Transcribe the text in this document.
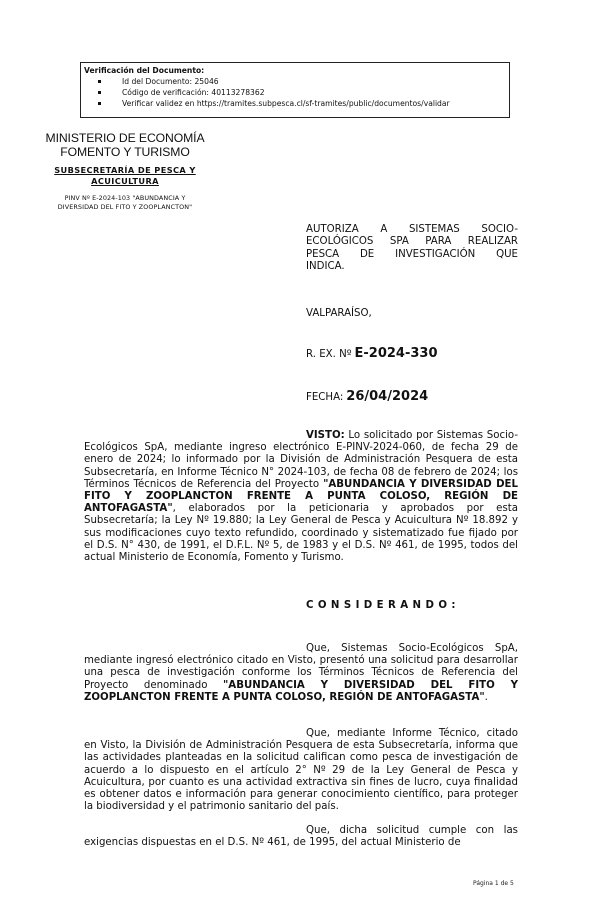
Verificación del Documento:
Id del Documento: 25046
Código de verificación: 40113278362
Verificar validez en https://tramites.subpesca.cl/sf-tramites/public/documentos/validar
MINISTERIO DE ECONOMÍA
FOMENTO Y TURISMO
SUBSECRETARÍA DE PESCA Y
ACUICULTURA
PINV Nº E-2024-103 "ABUNDANCIA Y
DIVERSIDAD DEL FITO Y ZOOPLANCTON"
AUTORIZA A SISTEMAS SOCIO-
ECOLÓGICOS SPA PARA REALIZAR
PESCA DE INVESTIGACIÓN QUE
INDICA.
VALPARAÍSO,
R. EX. Nº E-2024-330
FECHA: 26/04/2024

VISTO: Lo solicitado por Sistemas Socio-Ecológicos SpA, mediante ingreso electrónico E-PINV-2024-060, de fecha 29 de enero de 2024; lo informado por la División de Administración Pesquera de esta Subsecretaría, en Informe Técnico N° 2024-103, de fecha 08 de febrero de 2024; los Términos Técnicos de Referencia del Proyecto "ABUNDANCIA Y DIVERSIDAD DEL FITO Y ZOOPLANCTON FRENTE A PUNTA COLOSO, REGIÓN DE ANTOFAGASTA", elaborados por la peticionaria y aprobados por esta Subsecretaría; la Ley Nº 19.880; la Ley General de Pesca y Acuicultura Nº 18.892 y sus modificaciones cuyo texto refundido, coordinado y sistematizado fue fijado por el D.S. N° 430, de 1991, el D.F.L. Nº 5, de 1983 y el D.S. Nº 461, de 1995, todos del actual Ministerio de Economía, Fomento y Turismo.

CONSIDERANDO:

Que, Sistemas Socio-Ecológicos SpA, mediante ingresó electrónico citado en Visto, presentó una solicitud para desarrollar una pesca de investigación conforme los Términos Técnicos de Referencia del Proyecto denominado "ABUNDANCIA Y DIVERSIDAD DEL FITO Y ZOOPLANCTON FRENTE A PUNTA COLOSO, REGIÓN DE ANTOFAGASTA".

Que, mediante Informe Técnico, citado en Visto, la División de Administración Pesquera de esta Subsecretaría, informa que las actividades planteadas en la solicitud califican como pesca de investigación de acuerdo a lo dispuesto en el artículo 2° Nº 29 de la Ley General de Pesca y Acuicultura, por cuanto es una actividad extractiva sin fines de lucro, cuya finalidad es obtener datos e información para generar conocimiento científico, para proteger la biodiversidad y el patrimonio sanitario del país.

Que, dicha solicitud cumple con las exigencias dispuestas en el D.S. Nº 461, de 1995, del actual Ministerio de

Página 1 de 5
